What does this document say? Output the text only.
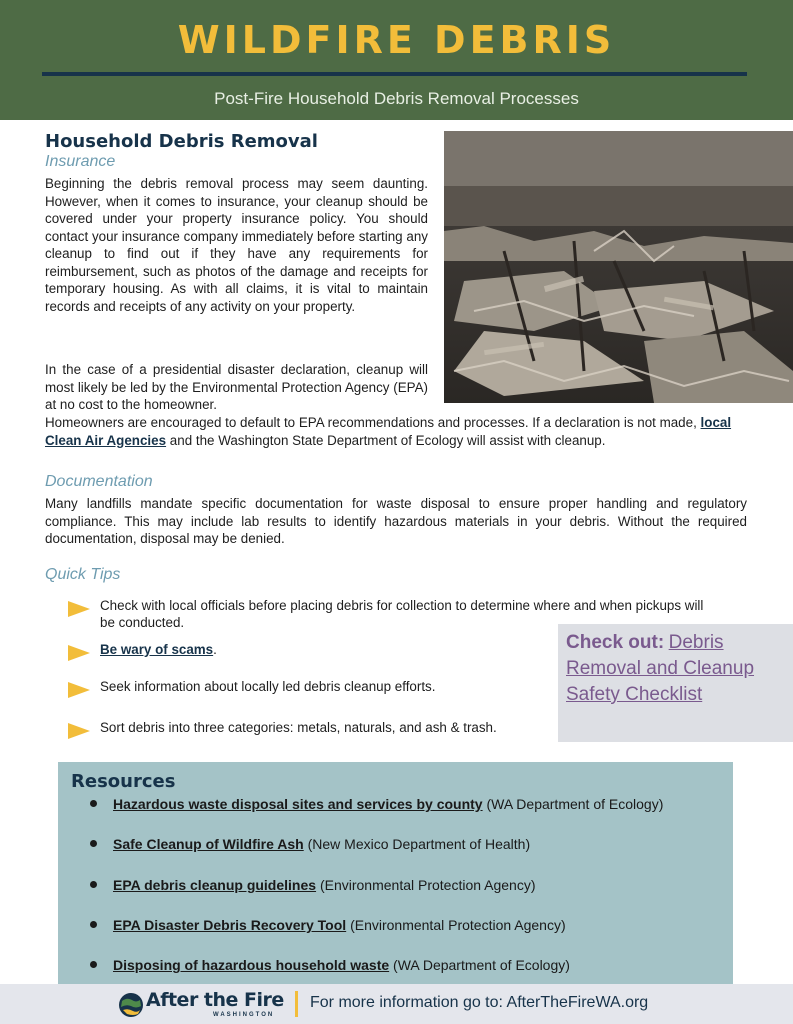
WILDFIRE DEBRIS
Post-Fire Household Debris Removal Processes
Household Debris Removal
Insurance
Beginning the debris removal process may seem daunting. However, when it comes to insurance, your cleanup should be covered under your property insurance policy. You should contact your insurance company immediately before starting any cleanup to find out if they have any requirements for reimbursement, such as photos of the damage and receipts for temporary housing. As with all claims, it is vital to maintain records and receipts of any activity on your property.
In the case of a presidential disaster declaration, cleanup will most likely be led by the Environmental Protection Agency (EPA) at no cost to the homeowner.
Homeowners are encouraged to default to EPA recommendations and processes. If a declaration is not made, local Clean Air Agencies and the Washington State Department of Ecology will assist with cleanup.
Documentation
Many landfills mandate specific documentation for waste disposal to ensure proper handling and regulatory compliance. This may include lab results to identify hazardous materials in your debris. Without the required documentation, disposal may be denied.
Quick Tips
Check with local officials before placing debris for collection to determine where and when pickups will be conducted.
Be wary of scams.
Seek information about locally led debris cleanup efforts.
Sort debris into three categories: metals, naturals, and ash & trash.
Check out: Debris Removal and Cleanup Safety Checklist
Resources
Hazardous waste disposal sites and services by county (WA Department of Ecology)
Safe Cleanup of Wildfire Ash (New Mexico Department of Health)
EPA debris cleanup guidelines (Environmental Protection Agency)
EPA Disaster Debris Recovery Tool (Environmental Protection Agency)
Disposing of hazardous household waste (WA Department of Ecology)
After the Fire
WASHINGTON
For more information go to: AfterTheFireWA.org
